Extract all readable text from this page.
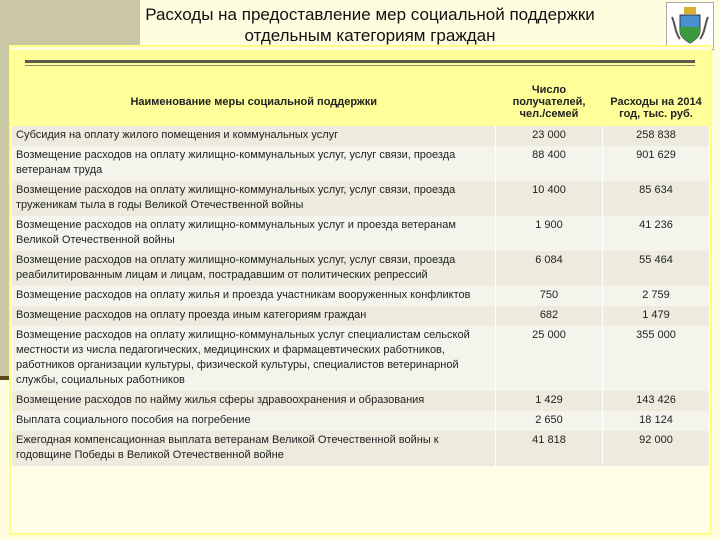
Расходы на предоставление мер социальной поддержки
отдельным категориям граждан
Наименование меры социальной поддержки	Число получателей, чел./семей	Расходы на 2014 год, тыс. руб.
Субсидия на оплату жилого помещения и коммунальных услуг	23 000	258 838
Возмещение расходов на оплату жилищно-коммунальных услуг, услуг связи, проезда ветеранам труда	88 400	901 629
Возмещение расходов на оплату жилищно-коммунальных услуг, услуг связи, проезда труженикам тыла в годы Великой Отечественной войны	10 400	85 634
Возмещение расходов на оплату жилищно-коммунальных услуг и проезда ветеранам Великой Отечественной войны	1 900	41 236
Возмещение расходов на оплату жилищно-коммунальных услуг, услуг связи, проезда реабилитированным лицам и лицам, пострадавшим от политических репрессий	6 084	55 464
Возмещение расходов на оплату жилья и проезда участникам вооруженных конфликтов	750	2 759
Возмещение расходов на оплату проезда иным категориям граждан	682	1 479
Возмещение расходов на оплату жилищно-коммунальных услуг специалистам сельской местности из числа педагогических, медицинских и фармацевтических работников, работников организации культуры, физической культуры, специалистов ветеринарной службы, социальных работников	25 000	355 000
Возмещение расходов по найму жилья сферы здравоохранения и образования	1 429	143 426
Выплата социального пособия на погребение	2 650	18 124
Ежегодная компенсационная выплата ветеранам Великой Отечественной войны к годовщине Победы в Великой Отечественной войне	41 818	92 000
